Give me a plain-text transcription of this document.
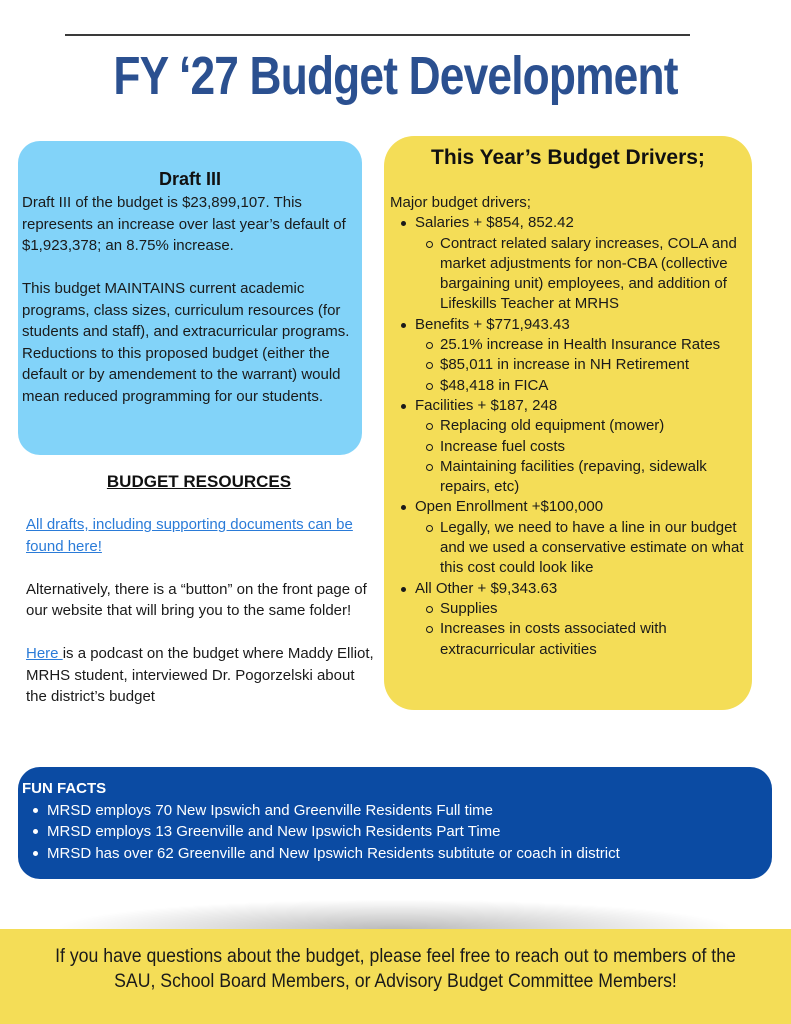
FY ‘27 Budget Development
Draft III

Draft III of the budget is $23,899,107. This represents an increase over last year’s default of $1,923,378; an 8.75% increase.

This budget MAINTAINS current academic programs, class sizes, curriculum resources (for students and staff), and extracurricular programs. Reductions to this proposed budget (either the default or by amendement to the warrant) would mean reduced programming for our students.

BUDGET RESOURCES

All drafts, including supporting documents can be found here!

Alternatively, there is a “button” on the front page of our website that will bring you to the same folder!

Here is a podcast on the budget where Maddy Elliot, MRHS student, interviewed Dr. Pogorzelski about the district’s budget

This Year’s Budget Drivers;
Major budget drivers;
Salaries + $854, 852.42
Contract related salary increases, COLA and market adjustments for non-CBA (collective bargaining unit) employees, and addition of Lifeskills Teacher at MRHS
Benefits + $771,943.43
25.1% increase in Health Insurance Rates
$85,011 in increase in NH Retirement
$48,418 in FICA
Facilities + $187, 248
Replacing old equipment (mower)
Increase fuel costs
Maintaining facilities (repaving, sidewalk repairs, etc)
Open Enrollment +$100,000
Legally, we need to have a line in our budget and we used a conservative estimate on what this cost could look like
All Other + $9,343.63
Supplies
Increases in costs associated with extracurricular activities
FUN FACTS
MRSD employs 70 New Ipswich and Greenville Residents Full time
MRSD employs 13 Greenville and New Ipswich Residents Part Time
MRSD has over 62 Greenville and New Ipswich Residents subtitute or coach in district
If you have questions about the budget, please feel free to reach out to members of the SAU, School Board Members, or Advisory Budget Committee Members!
